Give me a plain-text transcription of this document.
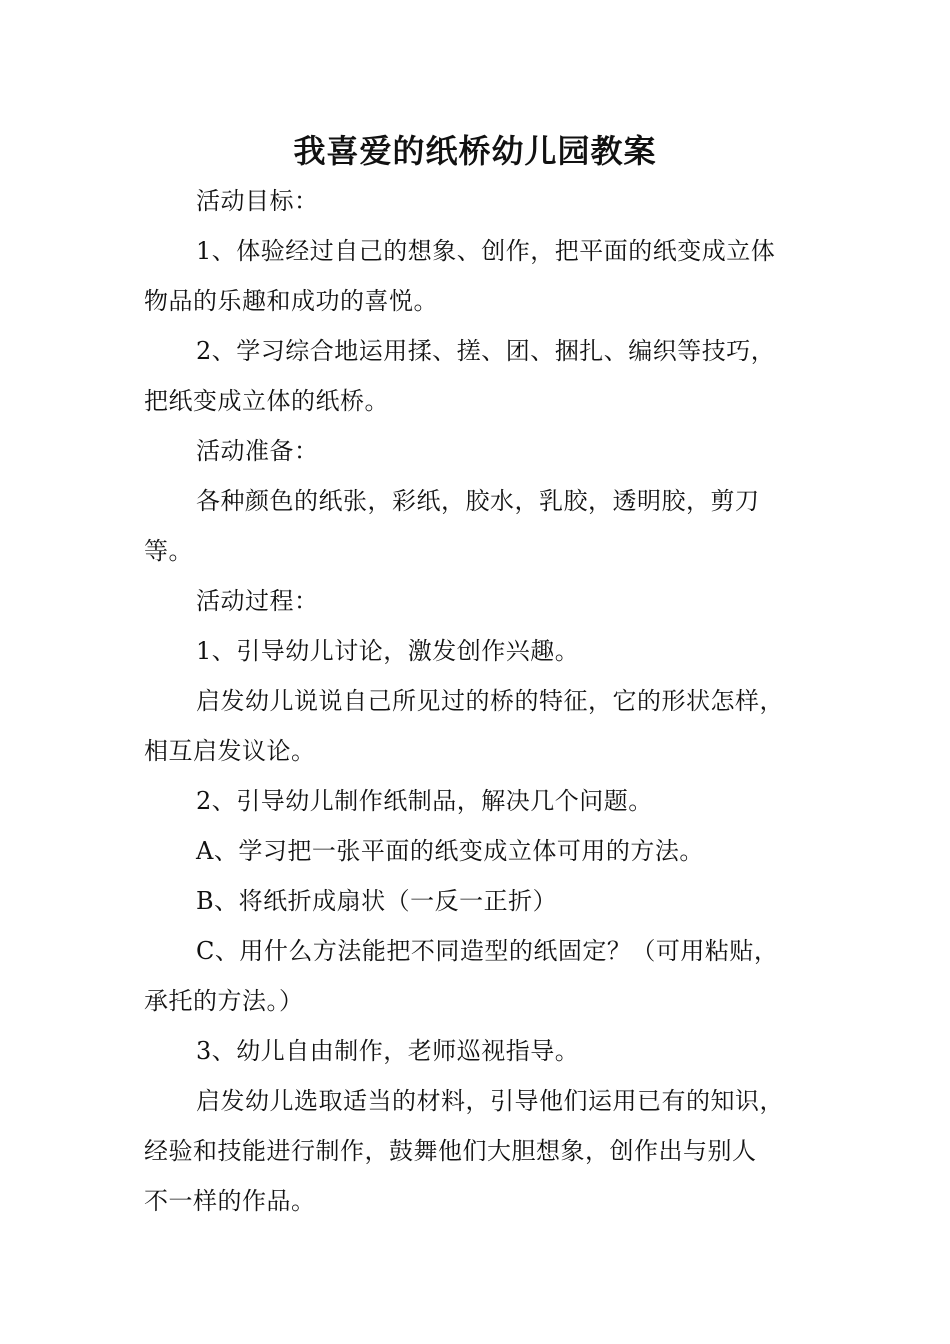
我喜爱的纸桥幼儿园教案
活动目标：
1、体验经过自己的想象、创作，把平面的纸变成立体
物品的乐趣和成功的喜悦。
2、学习综合地运用揉、搓、团、捆扎、编织等技巧，
把纸变成立体的纸桥。
活动准备：
各种颜色的纸张，彩纸，胶水，乳胶，透明胶，剪刀
等。
活动过程：
1、引导幼儿讨论，激发创作兴趣。
启发幼儿说说自己所见过的桥的特征，它的形状怎样，
相互启发议论。
2、引导幼儿制作纸制品，解决几个问题。
A、学习把一张平面的纸变成立体可用的方法。
B、将纸折成扇状（一反一正折）
C、用什么方法能把不同造型的纸固定？（可用粘贴，
承托的方法。）
3、幼儿自由制作，老师巡视指导。
启发幼儿选取适当的材料，引导他们运用已有的知识，
经验和技能进行制作，鼓舞他们大胆想象，创作出与别人
不一样的作品。
